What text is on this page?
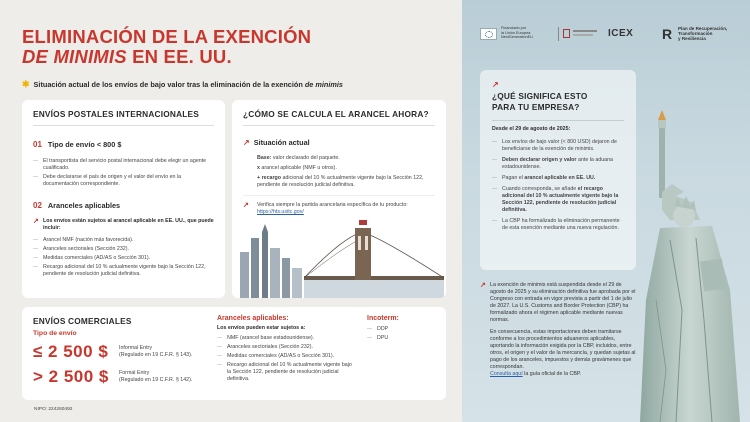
ELIMINACIÓN DE LA EXENCIÓN
DE MINIMIS EN EE. UU.
✱ Situación actual de los envíos de bajo valor tras la eliminación de la exención de minimis
ENVÍOS POSTALES INTERNACIONALES
01 Tipo de envío < 800 $
— El transportista del servicio postal internacional debe elegir un agente cualificado.
— Debe declararse el país de origen y el valor del envío en la documentación correspondiente.
02 Aranceles aplicables
↗ Los envíos están sujetos al arancel aplicable en EE. UU., que puede incluir:
— Arancel NMF (nación más favorecida).
— Aranceles sectoriales (Sección 232).
— Medidas comerciales (AD/AS o Sección 301).
— Recargo adicional del 10 % actualmente vigente bajo la Sección 122, pendiente de resolución judicial definitiva.
¿CÓMO SE CALCULA EL ARANCEL AHORA?
↗ Situación actual
Base: valor declarado del paquete.
x arancel aplicable (NMF u otros).
+ recargo adicional del 10 % actualmente vigente bajo la Sección 122, pendiente de resolución judicial definitiva.
↗ Verifica siempre la partida arancelaria específica de tu producto:
https://hts.usitc.gov/
ENVÍOS COMERCIALES
Tipo de envío
≤ 2 500 $	Informal Entry
(Regulado en 19 C.F.R. § 143).
> 2 500 $	Formal Entry
(Regulado en 19 C.F.R. § 142).
Aranceles aplicables:
Los envíos pueden estar sujetos a:
— NMF (arancel base estadounidense).
— Aranceles sectoriales (Sección 232).
— Medidas comerciales (AD/AS o Sección 301).
— Recargo adicional del 10 % actualmente vigente bajo la Sección 122, pendiente de resolución judicial definitiva.
Incoterm:
— DDP
— DPU
NIPO: 224260492
Financiado por
la Unión Europea
NextGenerationEU	ICEX R Plan de Recuperación,
Transformación
y Resiliencia
↗
¿QUÉ SIGNIFICA ESTO
PARA TU EMPRESA?
Desde el 29 de agosto de 2025:
— Los envíos de bajo valor (< 800 USD) dejaron de beneficiarse de la exención de minimis.
— Deben declarar origen y valor ante la aduana estadounidense.
— Pagan el arancel aplicable en EE. UU.
— Cuando corresponda, se añade el recargo adicional del 10 % actualmente vigente bajo la Sección 122, pendiente de resolución judicial definitiva.
— La CBP ha formalizado la eliminación permanente de esta exención mediante una nueva regulación.
↗ La exención de minimis está suspendida desde el 29 de agosto de 2025 y su eliminación definitiva fue aprobada por el Congreso con entrada en vigor prevista a partir del 1 de julio de 2027. La U.S. Customs and Border Protection (CBP) ha formalizado ahora el régimen aplicable mediante nuevas normas.
En consecuencia, estas importaciones deben tramitarse conforme a los procedimientos aduaneros aplicables, aportando la información exigida por la CBP, incluidos, entre otros, el origen y el valor de la mercancía, y quedan sujetas al pago de los aranceles, impuestos y demás gravámenes que correspondan.
Consulta aquí la guía oficial de la CBP.
